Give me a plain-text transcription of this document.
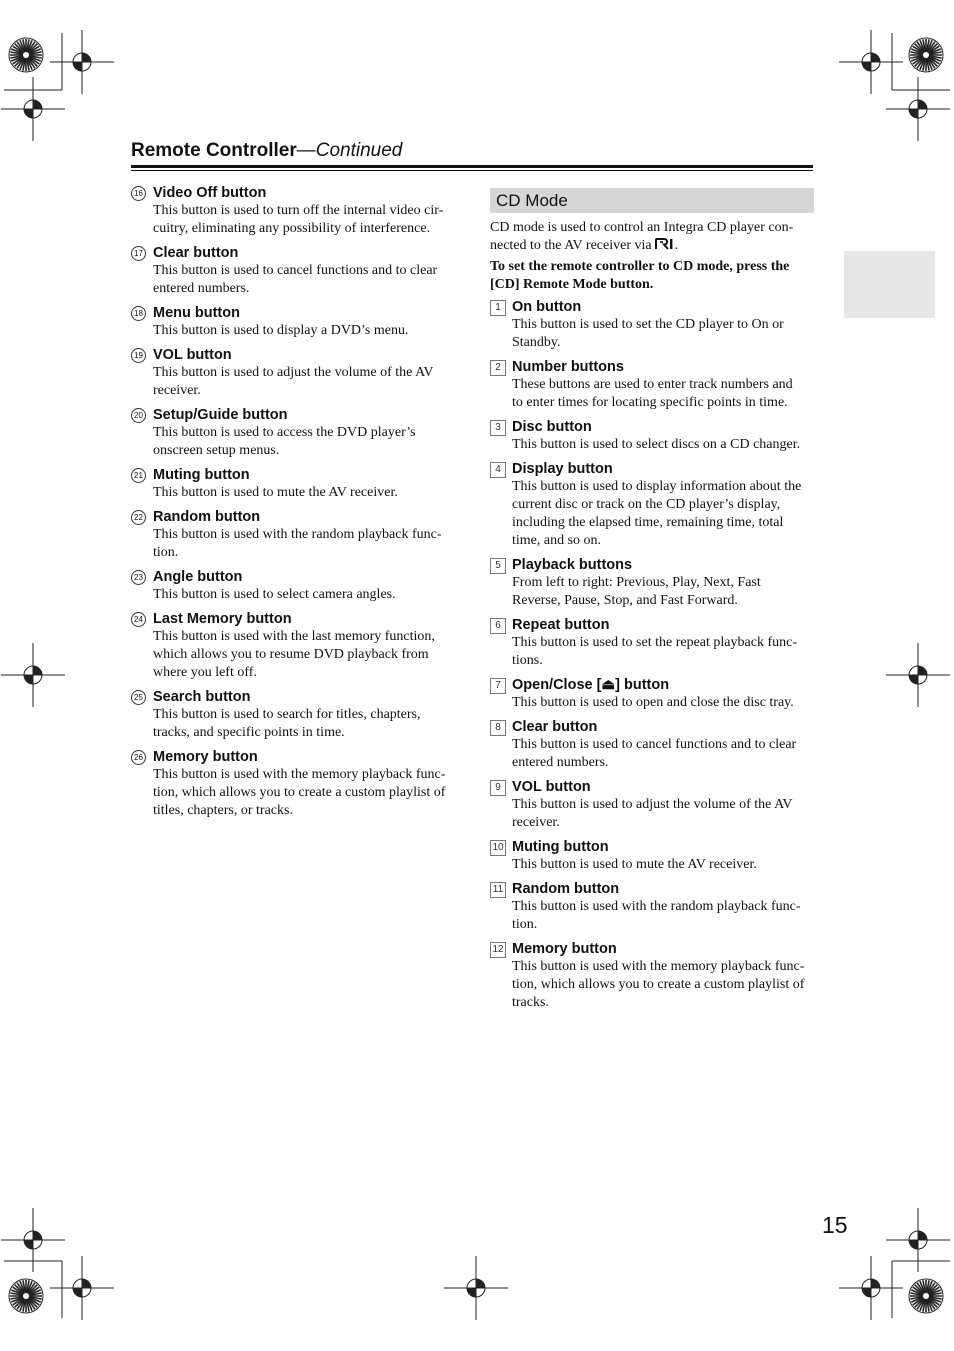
Remote Controller—Continued
16 Video Off button
This button is used to turn off the internal video cir-
cuitry, eliminating any possibility of interference.
17 Clear button
This button is used to cancel functions and to clear
entered numbers.
18 Menu button
This button is used to display a DVD’s menu.
19 VOL button
This button is used to adjust the volume of the AV
receiver.
20 Setup/Guide button
This button is used to access the DVD player’s
onscreen setup menus.
21 Muting button
This button is used to mute the AV receiver.
22 Random button
This button is used with the random playback func-
tion.
23 Angle button
This button is used to select camera angles.
24 Last Memory button
This button is used with the last memory function,
which allows you to resume DVD playback from
where you left off.
25 Search button
This button is used to search for titles, chapters,
tracks, and specific points in time.
26 Memory button
This button is used with the memory playback func-
tion, which allows you to create a custom playlist of
titles, chapters, or tracks.
CD Mode
CD mode is used to control an Integra CD player con-
nected to the AV receiver via .
To set the remote controller to CD mode, press the
[CD] Remote Mode button.
1 On button
This button is used to set the CD player to On or
Standby.
2 Number buttons
These buttons are used to enter track numbers and
to enter times for locating specific points in time.
3 Disc button
This button is used to select discs on a CD changer.
4 Display button
This button is used to display information about the
current disc or track on the CD player’s display,
including the elapsed time, remaining time, total
time, and so on.
5 Playback buttons
From left to right: Previous, Play, Next, Fast
Reverse, Pause, Stop, and Fast Forward.
6 Repeat button
This button is used to set the repeat playback func-
tions.
7 Open/Close [⏏] button
This button is used to open and close the disc tray.
8 Clear button
This button is used to cancel functions and to clear
entered numbers.
9 VOL button
This button is used to adjust the volume of the AV
receiver.
10 Muting button
This button is used to mute the AV receiver.
11 Random button
This button is used with the random playback func-
tion.
12 Memory button
This button is used with the memory playback func-
tion, which allows you to create a custom playlist of
tracks.
15
